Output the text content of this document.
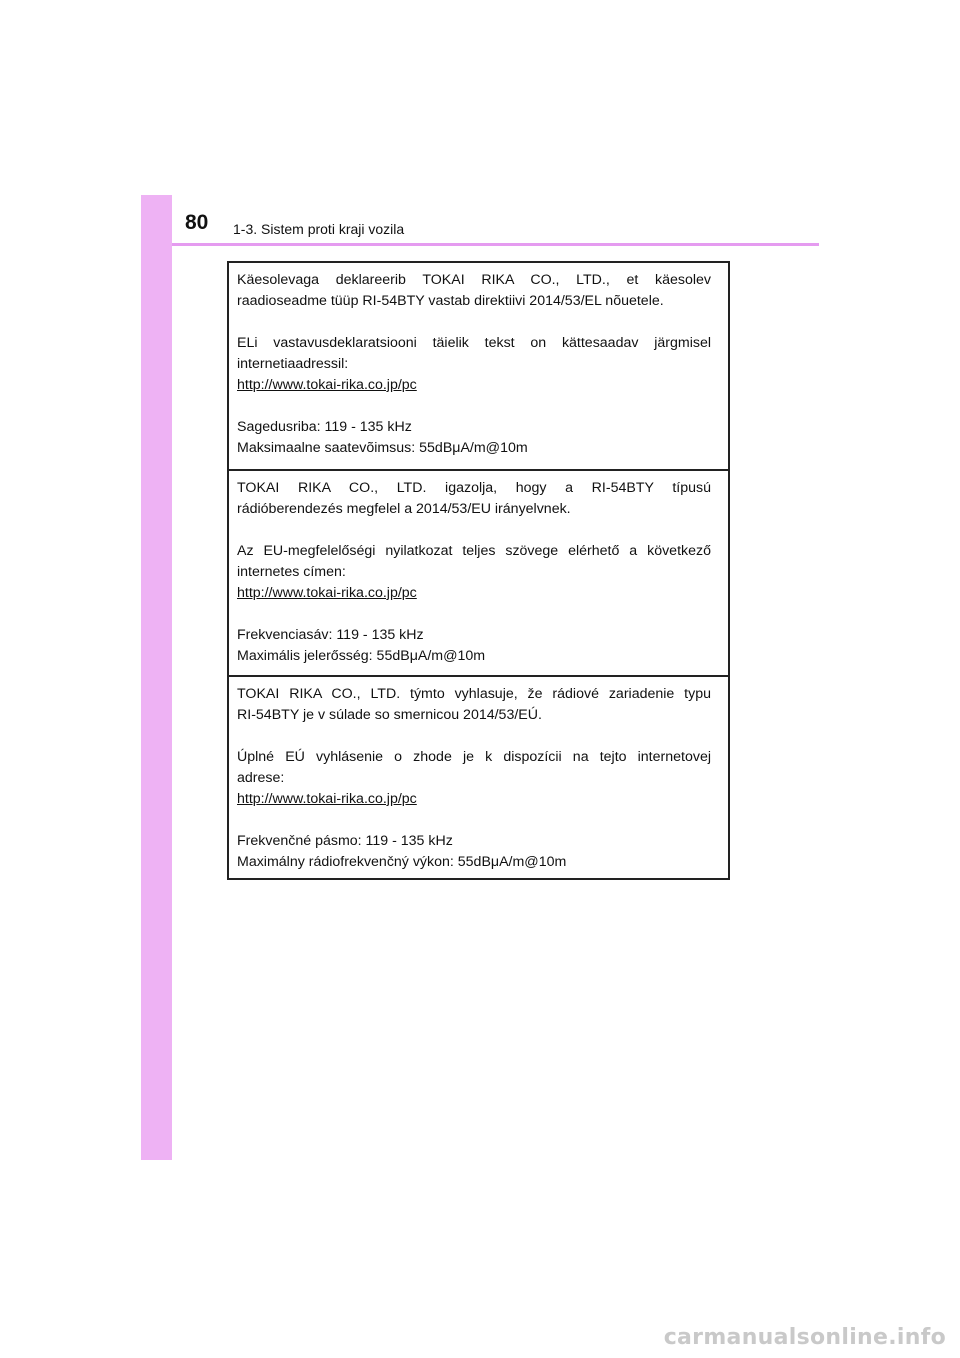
80 1-3. Sistem proti kraji vozila

Käesolevaga deklareerib TOKAI RIKA CO., LTD., et käesolev

raadioseadme tüüp RI-54BTY vastab direktiivi 2014/53/EL nõuetele.

ELi vastavusdeklaratsiooni täielik tekst on kättesaadav järgmisel

internetiaadressil:

http://www.tokai-rika.co.jp/pc

Sagedusriba: 119 - 135 kHz

Maksimaalne saatevõimsus: 55dBμA/m@10m

TOKAI RIKA CO., LTD. igazolja, hogy a RI-54BTY típusú

rádióberendezés megfelel a 2014/53/EU irányelvnek.

Az EU-megfelelőségi nyilatkozat teljes szövege elérhető a következő

internetes címen:

http://www.tokai-rika.co.jp/pc

Frekvenciasáv: 119 - 135 kHz

Maximális jelerősség: 55dBμA/m@10m

TOKAI RIKA CO., LTD. týmto vyhlasuje, že rádiové zariadenie typu

RI-54BTY je v súlade so smernicou 2014/53/EÚ.

Úplné EÚ vyhlásenie o zhode je k dispozícii na tejto internetovej

adrese:

http://www.tokai-rika.co.jp/pc

Frekvenčné pásmo: 119 - 135 kHz

Maximálny rádiofrekvenčný výkon: 55dBμA/m@10m

carmanualsonline.info
